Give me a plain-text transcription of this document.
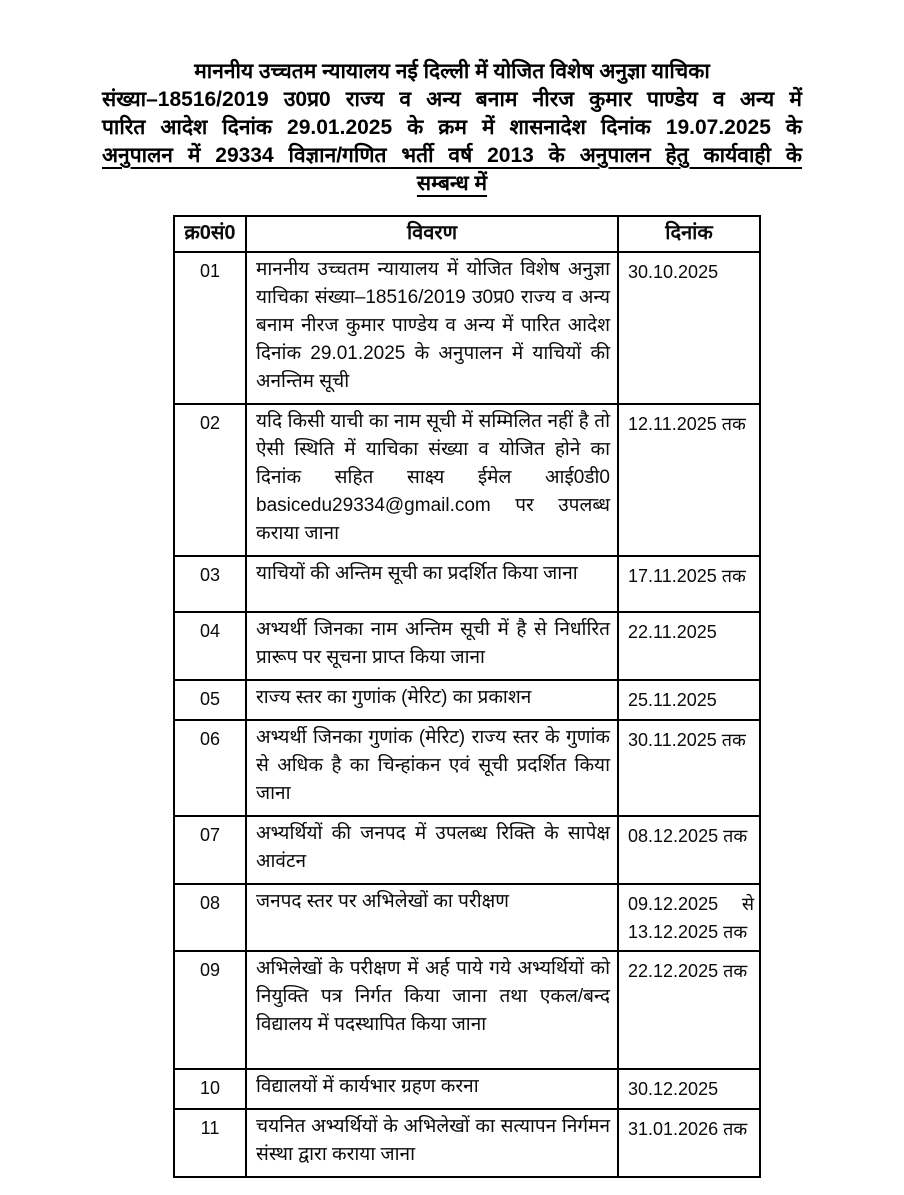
माननीय उच्चतम न्यायालय नई दिल्ली में योजित विशेष अनुज्ञा याचिका
संख्या–18516/2019 उ0प्र0 राज्य व अन्य बनाम नीरज कुमार पाण्डेय व अन्य में
पारित आदेश दिनांक 29.01.2025 के क्रम में शासनादेश दिनांक 19.07.2025 के
अनुपालन में 29334 विज्ञान/गणित भर्ती वर्ष 2013 के अनुपालन हेतु कार्यवाही के
सम्बन्ध में
क्र0सं0	विवरण	दिनांक
01	माननीय उच्चतम न्यायालय में योजित विशेष अनुज्ञा याचिका संख्या–18516/2019 उ0प्र0 राज्य व अन्य बनाम नीरज कुमार पाण्डेय व अन्य में पारित आदेश दिनांक 29.01.2025 के अनुपालन में याचियों की अनन्तिम सूची	30.10.2025
02	यदि किसी याची का नाम सूची में सम्मिलित नहीं है तो ऐसी स्थिति में याचिका संख्या व योजित होने का दिनांक सहित साक्ष्य ईमेल आई0डी0 basicedu29334@gmail.com पर उपलब्ध कराया जाना	12.11.2025 तक
03	याचियों की अन्तिम सूची का प्रदर्शित किया जाना	17.11.2025 तक
04	अभ्यर्थी जिनका नाम अन्तिम सूची में है से निर्धारित प्रारूप पर सूचना प्राप्त किया जाना	22.11.2025
05	राज्य स्तर का गुणांक (मेरिट) का प्रकाशन	25.11.2025
06	अभ्यर्थी जिनका गुणांक (मेरिट) राज्य स्तर के गुणांक से अधिक है का चिन्हांकन एवं सूची प्रदर्शित किया जाना	30.11.2025 तक
07	अभ्यर्थियों की जनपद में उपलब्ध रिक्ति के सापेक्ष आवंटन	08.12.2025 तक
08	जनपद स्तर पर अभिलेखों का परीक्षण	09.12.2025 से 13.12.2025 तक
09	अभिलेखों के परीक्षण में अर्ह पाये गये अभ्यर्थियों को नियुक्ति पत्र निर्गत किया जाना तथा एकल/बन्द विद्यालय में पदस्थापित किया जाना	22.12.2025 तक
10	विद्यालयों में कार्यभार ग्रहण करना	30.12.2025
11	चयनित अभ्यर्थियों के अभिलेखों का सत्यापन निर्गमन संस्था द्वारा कराया जाना	31.01.2026 तक
